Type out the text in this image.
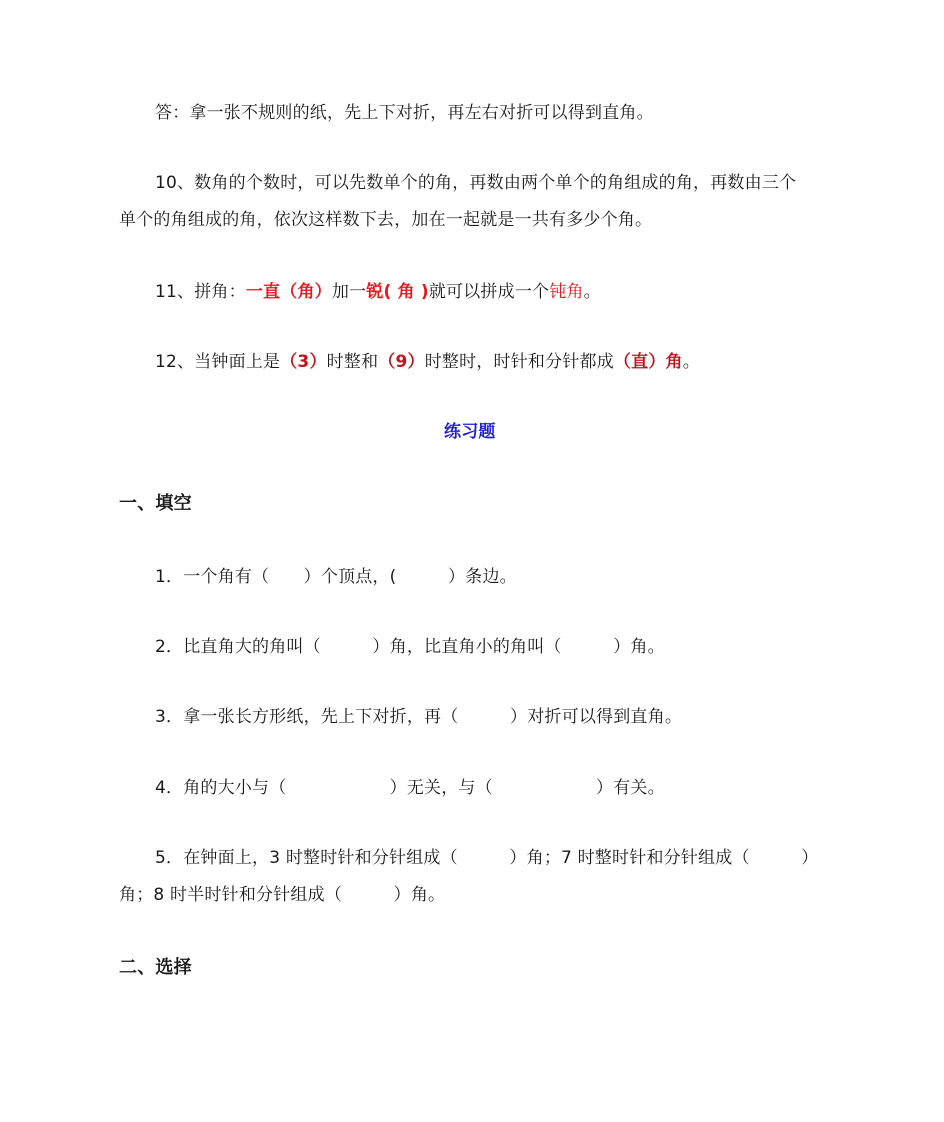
答：拿一张不规则的纸，先上下对折，再左右对折可以得到直角。
10、数角的个数时，可以先数单个的角，再数由两个单个的角组成的角，再数由三个
单个的角组成的角，依次这样数下去，加在一起就是一共有多少个角。
11、拼角：一直（角）加一锐( 角 )就可以拼成一个钝角。
12、当钟面上是（3）时整和（9）时整时，时针和分针都成（直）角。
练习题
一、填空
1．一个角有（　　）个顶点，(　　　）条边。
2．比直角大的角叫（　　　）角，比直角小的角叫（　　　）角。
3．拿一张长方形纸，先上下对折，再（　　　）对折可以得到直角。
4．角的大小与（　　　　　　）无关，与（　　　　　　）有关。
5．在钟面上，3 时整时针和分针组成（　　　）角；7 时整时针和分针组成（　　　）
角；8 时半时针和分针组成（　　　）角。
二、选择
